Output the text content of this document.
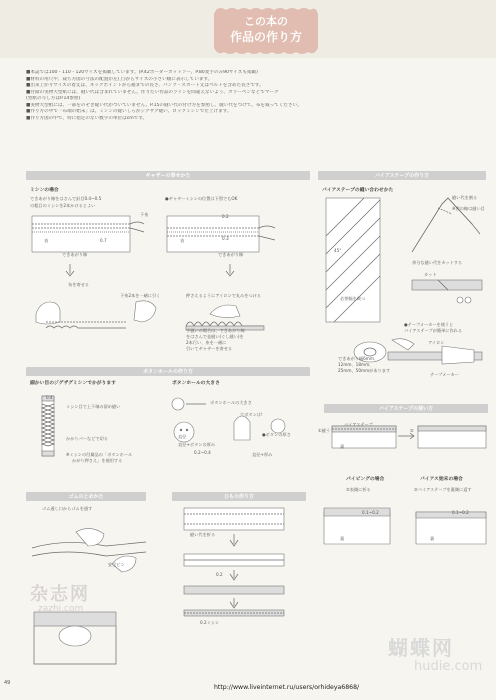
この本の
作品の作り方
■本誌では100・110・120サイズを掲載しています。(P.42ボーダーカットソー、P.80麦手のみ90サイズも掲載)
■材料の用尺や、裁ち方図の寸法の配置が左(上)からサイズの小さい順に表示しています。
■出来上がりサイズの着丈は、ネックポイントから裾までの長さ、パンツ・スカート丈はベルトを含めた長さです。
■付録の実物大型紙には、縫い代は含まれていません。作りたい作品のラインを間違えないよう、カラーペンなどでマーク
(型紙の写し方はP.14参照)
■実物大型紙には、一部をのぞき縫い代がついていません。P.15の縫い代の付け方を参照し、縫い代をつけて、布を裁ってください。
■作り方の中で「布端の始末」は、ミシンの縫いしろがジグザグ縫い、ロックミシンで仕上げます。
■作り方図の中で、特に指定のない数字の単位はcmです。
ギャザーの寄せかた
ミシンの場合
できあがり線をはさんで針目0.4~0.5
の粗目のミシンを2本かけるとよい
●ギャザーミシンの位置は下図でもOK
下糸
表	0.7
できあがり線
0.2
0.3
表
できあがり線
布を寄せる
下糸2本を一緒に引く	押さえるようにアイロンで丸みをつける
手縫いの場合は、できあがり線
をはさんで並縫い(ぐし縫い)を
2本行い、糸を一緒に
引いてギャザーを寄せる
バイアステープの作り方
バイアステープの縫い合わせかた
45°
必要幅を裁つ
縫い代を割る
※図の線は縫い目
余分な縫い代をカットする
カット
●テープメーカーを使うと
バイアステープが簡単に作れる
アイロン
テープメーカー
できあがり幅6mm、
12mm、18mm、
25mm、50mmがあります
ボタンホールの作り方
細かい目のジグザグミシンでかがります
0.4
ミシン目で上下端の留め縫い
かかりバーなどで切る
※ミシンの付属品の「ボタンホール
かがり押さえ」を使用する
ボタンホールの大きさ
ボタンホールの大きさ
穴ボタンは!
直径	●ボタンの厚さ
直径+ボタンの厚み
0.2~0.4	直径+厚み
バイアステープの使い方
①縫う
バイアステープ
②
裏
パイピングの場合
②表側に折る
バイアス始末の場合
②バイアステープを裏側に返す
0.1~0.2	0.1~0.2
裏	裏
ゴムのとめかた
ゴム通し口からゴムを通す
安全ピン
ひもの作り方
縫い代を折る
0.2
0.2ミシン
杂志网
zazhi.com
蝴蝶网
hudie.com
49
http://www.liveinternet.ru/users/orhideya6868/
